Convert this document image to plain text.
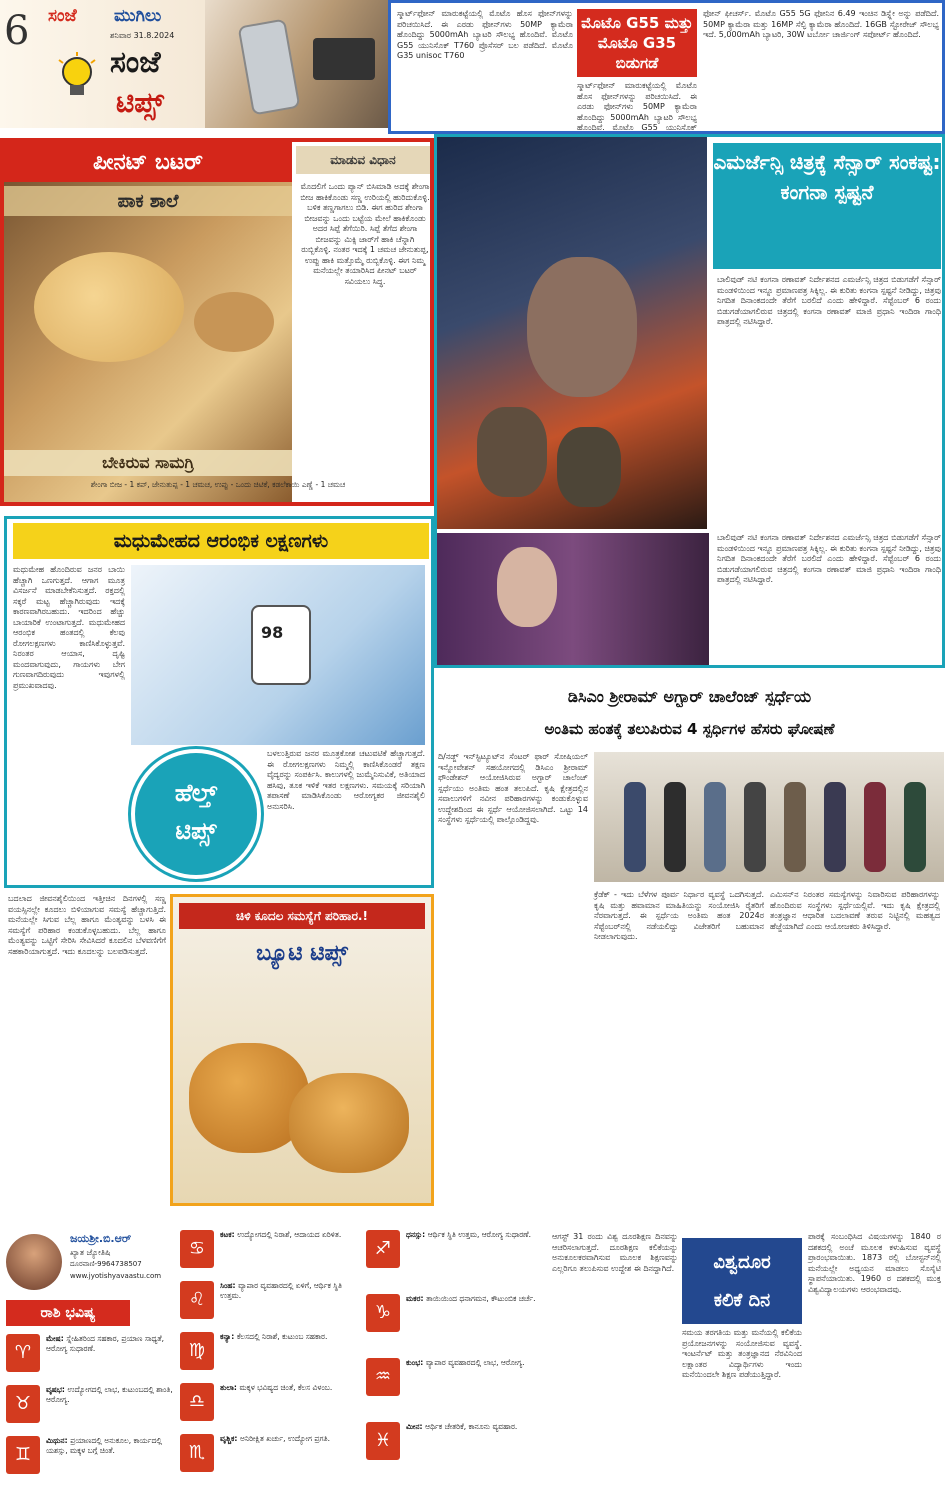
6 ಸಂಜೆ ಮುಗಿಲು
ಶನಿವಾರ 31.8.2024
ಸಂಜೆ
ಟಿಪ್ಸ್
ಸ್ಮಾರ್ಟ್‌ಫೋನ್ ಮಾರುಕಟ್ಟೆಯಲ್ಲಿ ಮೊಟೊ ಹೊಸ ಫೋನ್‌ಗಳನ್ನು ಪರಿಚಯಿಸಿದೆ. ಈ ಎರಡು ಫೋನ್‌ಗಳು 50MP ಕ್ಯಾಮೆರಾ ಹೊಂದಿದ್ದು 5000mAh ಬ್ಯಾಟರಿ ಸೌಲಭ್ಯ ಹೊಂದಿವೆ. ಮೊಟೊ G55 ಯುನಿಸೊಕ್ T760 ಪ್ರೊಸೆಸರ್ ಬಲ ಪಡೆದಿದೆ. ಮೊಟೊ G35 unisoc T760
ಮೊಟೊ G55 ಮತ್ತು ಮೊಟೊ G35 ಬಿಡುಗಡೆ
ಸ್ಮಾರ್ಟ್‌ಫೋನ್ ಮಾರುಕಟ್ಟೆಯಲ್ಲಿ ಮೊಟೊ ಹೊಸ ಫೋನ್‌ಗಳನ್ನು ಪರಿಚಯಿಸಿದೆ. ಈ ಎರಡು ಫೋನ್‌ಗಳು 50MP ಕ್ಯಾಮೆರಾ ಹೊಂದಿದ್ದು 5000mAh ಬ್ಯಾಟರಿ ಸೌಲಭ್ಯ ಹೊಂದಿವೆ. ಮೊಟೊ G55 ಯುನಿಸೊಕ್
ಫೋನ್ ಫೀಚರ್ಸ್. ಮೊಟೊ G55 5G ಫೋನಿನ 6.49 ಇಂಚಿನ ಡಿಸ್ಪ್ಲೇ ಅನ್ನು ಪಡೆದಿದೆ. 50MP ಕ್ಯಾಮೆರಾ ಮತ್ತು 16MP ಸೆಲ್ಫಿ ಕ್ಯಾಮೆರಾ ಹೊಂದಿದೆ. 16GB ಸ್ಟೋರೇಜ್ ಸೌಲಭ್ಯ ಇದೆ. 5,000mAh ಬ್ಯಾಟರಿ, 30W ಟರ್ಬೋ ಚಾರ್ಜಿಂಗ್ ಸಪೋರ್ಟ್ ಹೊಂದಿದೆ.
ಪೀನಟ್ ಬಟರ್
ಪಾಕ ಶಾಲೆ
ಬೇಕಿರುವ ಸಾಮಗ್ರಿ
ಮಾಡುವ ವಿಧಾನ
ಮೊದಲಿಗೆ ಒಂದು ಪ್ಯಾನ್ ಬಿಸಿಮಾಡಿ ಅದಕ್ಕೆ ಶೇಂಗಾ ಬೀಜ ಹಾಕಿಕೊಂಡು ಸಣ್ಣ ಉರಿಯಲ್ಲಿ ಹುರಿದುಕೊಳ್ಳಿ. ಬಳಿಕ ತಣ್ಣಗಾಗಲು ಬಿಡಿ. ಈಗ ಹುರಿದ ಶೇಂಗಾ ಬೀಜವನ್ನು ಒಂದು ಬಟ್ಟೆಯ ಮೇಲೆ ಹಾಕಿಕೊಂಡು ಅದರ ಸಿಪ್ಪೆ ತೆಗೆಯಿರಿ. ಸಿಪ್ಪೆ ತೆಗೆದ ಶೇಂಗಾ ಬೀಜವನ್ನು ಮಿಕ್ಸಿ ಜಾರ್‌ಗೆ ಹಾಕಿ ಚೆನ್ನಾಗಿ ರುಬ್ಬಿಕೊಳ್ಳಿ. ನಂತರ ಇದಕ್ಕೆ 1 ಚಮಚ ಜೇನುತುಪ್ಪ, ಉಪ್ಪು ಹಾಕಿ ಮತ್ತೊಮ್ಮೆ ರುಬ್ಬಿಕೊಳ್ಳಿ. ಈಗ ನಿಮ್ಮ ಮನೆಯಲ್ಲೇ ತಯಾರಿಸಿದ ಪೀನಟ್ ಬಟರ್ ಸವಿಯಲು ಸಿದ್ಧ.
ಶೇಂಗಾ ಬೀಜ - 1 ಕಪ್, ಜೇನುತುಪ್ಪ - 1 ಚಮಚ, ಉಪ್ಪು - ಒಂದು ಚಿಟಿಕೆ, ಕಡಲೆಕಾಯಿ ಎಣ್ಣೆ - 1 ಚಮಚ
ಎಮರ್ಜೆನ್ಸಿ ಚಿತ್ರಕ್ಕೆ ಸೆನ್ಸಾರ್ ಸಂಕಷ್ಟ: ಕಂಗನಾ ಸ್ಪಷ್ಟನೆ
ಬಾಲಿವುಡ್ ನಟಿ ಕಂಗನಾ ರಣಾವತ್ ನಿರ್ದೇಶನದ ಎಮರ್ಜೆನ್ಸಿ ಚಿತ್ರದ ಬಿಡುಗಡೆಗೆ ಸೆನ್ಸಾರ್ ಮಂಡಳಿಯಿಂದ ಇನ್ನೂ ಪ್ರಮಾಣಪತ್ರ ಸಿಕ್ಕಿಲ್ಲ. ಈ ಕುರಿತು ಕಂಗನಾ ಸ್ಪಷ್ಟನೆ ನೀಡಿದ್ದು, ಚಿತ್ರವು ನಿಗದಿತ ದಿನಾಂಕದಂದೇ ತೆರೆಗೆ ಬರಲಿದೆ ಎಂದು ಹೇಳಿದ್ದಾರೆ. ಸೆಪ್ಟೆಂಬರ್ 6 ರಂದು ಬಿಡುಗಡೆಯಾಗಲಿರುವ ಚಿತ್ರದಲ್ಲಿ ಕಂಗನಾ ರಣಾವತ್ ಮಾಜಿ ಪ್ರಧಾನಿ ಇಂದಿರಾ ಗಾಂಧಿ ಪಾತ್ರದಲ್ಲಿ ನಟಿಸಿದ್ದಾರೆ.
ಬಾಲಿವುಡ್ ನಟಿ ಕಂಗನಾ ರಣಾವತ್ ನಿರ್ದೇಶನದ ಎಮರ್ಜೆನ್ಸಿ ಚಿತ್ರದ ಬಿಡುಗಡೆಗೆ ಸೆನ್ಸಾರ್ ಮಂಡಳಿಯಿಂದ ಇನ್ನೂ ಪ್ರಮಾಣಪತ್ರ ಸಿಕ್ಕಿಲ್ಲ. ಈ ಕುರಿತು ಕಂಗನಾ ಸ್ಪಷ್ಟನೆ ನೀಡಿದ್ದು, ಚಿತ್ರವು ನಿಗದಿತ ದಿನಾಂಕದಂದೇ ತೆರೆಗೆ ಬರಲಿದೆ ಎಂದು ಹೇಳಿದ್ದಾರೆ. ಸೆಪ್ಟೆಂಬರ್ 6 ರಂದು ಬಿಡುಗಡೆಯಾಗಲಿರುವ ಚಿತ್ರದಲ್ಲಿ ಕಂಗನಾ ರಣಾವತ್ ಮಾಜಿ ಪ್ರಧಾನಿ ಇಂದಿರಾ ಗಾಂಧಿ ಪಾತ್ರದಲ್ಲಿ ನಟಿಸಿದ್ದಾರೆ.
ಮಧುಮೇಹದ ಆರಂಭಿಕ ಲಕ್ಷಣಗಳು
ಮಧುಮೇಹ ಹೊಂದಿರುವ ಜನರ ಬಾಯಿ ಹೆಚ್ಚಾಗಿ ಒಣಗುತ್ತದೆ. ಆಗಾಗ ಮೂತ್ರ ವಿಸರ್ಜನೆ ಮಾಡಬೇಕೆನಿಸುತ್ತದೆ. ರಕ್ತದಲ್ಲಿ ಸಕ್ಕರೆ ಮಟ್ಟ ಹೆಚ್ಚಾಗಿರುವುದು ಇದಕ್ಕೆ ಕಾರಣವಾಗಿರಬಹುದು. ಇದರಿಂದ ಹೆಚ್ಚು ಬಾಯಾರಿಕೆ ಉಂಟಾಗುತ್ತದೆ. ಮಧುಮೇಹದ ಆರಂಭಿಕ ಹಂತದಲ್ಲಿ ಕೆಲವು ರೋಗಲಕ್ಷಣಗಳು ಕಾಣಿಸಿಕೊಳ್ಳುತ್ತವೆ. ನಿರಂತರ ಆಯಾಸ, ದೃಷ್ಟಿ ಮಂದವಾಗುವುದು, ಗಾಯಗಳು ಬೇಗ ಗುಣವಾಗದಿರುವುದು ಇವುಗಳಲ್ಲಿ ಪ್ರಮುಖವಾದವು.
98
ಹೆಲ್ತ್
ಟಿಪ್ಸ್
ಬಳಲುತ್ತಿರುವ ಜನರ ಮೂತ್ರಕೋಶ ಚಟುವಟಿಕೆ ಹೆಚ್ಚಾಗುತ್ತದೆ. ಈ ರೋಗಲಕ್ಷಣಗಳು ನಿಮ್ಮಲ್ಲಿ ಕಾಣಿಸಿಕೊಂಡರೆ ತಕ್ಷಣ ವೈದ್ಯರನ್ನು ಸಂಪರ್ಕಿಸಿ. ಕಾಲುಗಳಲ್ಲಿ ಜುಮ್ಮೆನಿಸುವಿಕೆ, ಅತಿಯಾದ ಹಸಿವು, ತೂಕ ಇಳಿಕೆ ಇತರ ಲಕ್ಷಣಗಳು. ಸಮಯಕ್ಕೆ ಸರಿಯಾಗಿ ತಪಾಸಣೆ ಮಾಡಿಸಿಕೊಂಡು ಆರೋಗ್ಯಕರ ಜೀವನಶೈಲಿ ಅನುಸರಿಸಿ.
ಡಿಸಿಎಂ ಶ್ರೀರಾಮ್ ಅಗ್ಟಾರ್ ಚಾಲೆಂಜ್ ಸ್ಪರ್ಧೆಯ
ಅಂತಿಮ ಹಂತಕ್ಕೆ ತಲುಪಿರುವ 4 ಸ್ಪರ್ಧಿಗಳ ಹೆಸರು ಘೋಷಣೆ
ದಿ/ನಡ್ಜ್ ಇನ್‌ಸ್ಟಿಟ್ಯೂಟ್‌ನ ಸೆಂಟರ್ ಫಾರ್ ಸೋಷಿಯಲ್ ಇನ್ನೋವೇಶನ್ ಸಹಯೋಗದಲ್ಲಿ ಡಿಸಿಎಂ ಶ್ರೀರಾಮ್ ಫೌಂಡೇಶನ್ ಆಯೋಜಿಸಿರುವ ಅಗ್ಟಾರ್ ಚಾಲೆಂಜ್ ಸ್ಪರ್ಧೆಯು ಅಂತಿಮ ಹಂತ ತಲುಪಿದೆ. ಕೃಷಿ ಕ್ಷೇತ್ರದಲ್ಲಿನ ಸವಾಲುಗಳಿಗೆ ನವೀನ ಪರಿಹಾರಗಳನ್ನು ಕಂಡುಕೊಳ್ಳುವ ಉದ್ದೇಶದಿಂದ ಈ ಸ್ಪರ್ಧೆ ಆಯೋಜಿಸಲಾಗಿದೆ. ಒಟ್ಟು 14 ಸಂಸ್ಥೆಗಳು ಸ್ಪರ್ಧೆಯಲ್ಲಿ ಪಾಲ್ಗೊಂಡಿದ್ದವು.
ಕ್ರೆಡೆಕ್ - ಇದು ಬೆಳೆಗಳ ಪೂರ್ವ ನಿರ್ಧಾರ ವ್ಯವಸ್ಥೆ ಒದಗಿಸುತ್ತದೆ. ಕೃಷಿ ಮತ್ತು ಹವಾಮಾನ ಮಾಹಿತಿಯನ್ನು ಸಂಯೋಜಿಸಿ ರೈತರಿಗೆ ನೆರವಾಗುತ್ತದೆ. ಈ ಸ್ಪರ್ಧೆಯ ಅಂತಿಮ ಹಂತ 2024ರ ಸೆಪ್ಟೆಂಬರ್‌ನಲ್ಲಿ ನಡೆಯಲಿದ್ದು ವಿಜೇತರಿಗೆ ಬಹುಮಾನ ನೀಡಲಾಗುವುದು.
ಎಮಿಸನ್‌ನ ನಿರಂತರ ಸಮಸ್ಯೆಗಳನ್ನು ನಿವಾರಿಸುವ ಪರಿಹಾರಗಳನ್ನು ಹೊಂದಿರುವ ಸಂಸ್ಥೆಗಳು ಸ್ಪರ್ಧೆಯಲ್ಲಿವೆ. ಇದು ಕೃಷಿ ಕ್ಷೇತ್ರದಲ್ಲಿ ತಂತ್ರಜ್ಞಾನ ಆಧಾರಿತ ಬದಲಾವಣೆ ತರುವ ನಿಟ್ಟಿನಲ್ಲಿ ಮಹತ್ವದ ಹೆಜ್ಜೆಯಾಗಿದೆ ಎಂದು ಆಯೋಜಕರು ತಿಳಿಸಿದ್ದಾರೆ.
ಬದಲಾದ ಜೀವನಶೈಲಿಯಿಂದ ಇತ್ತೀಚಿನ ದಿನಗಳಲ್ಲಿ ಸಣ್ಣ ವಯಸ್ಸಿನಲ್ಲೇ ಕೂದಲು ಬಿಳಿಯಾಗುವ ಸಮಸ್ಯೆ ಹೆಚ್ಚಾಗುತ್ತಿದೆ. ಮನೆಯಲ್ಲೇ ಸಿಗುವ ಬೆಲ್ಲ ಹಾಗೂ ಮೆಂತ್ಯವನ್ನು ಬಳಸಿ ಈ ಸಮಸ್ಯೆಗೆ ಪರಿಹಾರ ಕಂಡುಕೊಳ್ಳಬಹುದು. ಬೆಲ್ಲ ಹಾಗೂ ಮೆಂತ್ಯವನ್ನು ಒಟ್ಟಿಗೆ ಸೇರಿಸಿ ಸೇವಿಸಿದರೆ ಕೂದಲಿನ ಬೆಳವಣಿಗೆಗೆ ಸಹಕಾರಿಯಾಗುತ್ತದೆ. ಇದು ಕೂದಲನ್ನು ಬಲಪಡಿಸುತ್ತದೆ.
ಚಿಳಿ ಕೂದಲ ಸಮಸ್ಯೆಗೆ ಪರಿಹಾರ.!
ಬ್ಯೂಟಿ ಟಿಪ್ಸ್
ಜಯಶ್ರೀ.ಬಿ.ಆರ್
ಖ್ಯಾತ ಜ್ಯೋತಿಷಿ
ದೂರವಾಣಿ-9964738507
www.jyotishyavaastu.com
ರಾಶಿ ಭವಿಷ್ಯ
♈
ಮೇಷ: ಸ್ನೇಹಿತರಿಂದ ಸಹಕಾರ, ಪ್ರಯಾಣ ಸಾಧ್ಯತೆ, ಆರೋಗ್ಯ ಸುಧಾರಣೆ.
♉
ವೃಷಭ: ಉದ್ಯೋಗದಲ್ಲಿ ಲಾಭ, ಕುಟುಂಬದಲ್ಲಿ ಶಾಂತಿ, ಆರೋಗ್ಯ.
♊
ಮಿಥುನ: ಪ್ರಯಾಣದಲ್ಲಿ ಅನುಕೂಲ, ಕಾರ್ಯದಲ್ಲಿ ಯಶಸ್ಸು, ಮಕ್ಕಳ ಬಗ್ಗೆ ಚಿಂತೆ.
♋
ಕಟಕ: ಉದ್ಯೋಗದಲ್ಲಿ ನಿರಾಶೆ, ಆದಾಯದ ಏರಿಳಿತ.
♌
ಸಿಂಹ: ವ್ಯಾಪಾರ ವ್ಯವಹಾರದಲ್ಲಿ ಏಳಿಗೆ, ಆರ್ಥಿಕ ಸ್ಥಿತಿ ಉತ್ತಮ.
♍
ಕನ್ಯಾ: ಕೆಲಸದಲ್ಲಿ ನಿರಾಶೆ, ಕುಟುಂಬ ಸಹಕಾರ.
♎
ತುಲಾ: ಮಕ್ಕಳ ಭವಿಷ್ಯದ ಚಿಂತೆ, ಕೆಲಸ ವಿಳಂಬ.
♏
ವೃಶ್ಚಿಕ: ಅನಿರೀಕ್ಷಿತ ಖರ್ಚು, ಉದ್ಯೋಗ ಪ್ರಗತಿ.
♐
ಧನಸ್ಸು: ಆರ್ಥಿಕ ಸ್ಥಿತಿ ಉತ್ತಮ, ಆರೋಗ್ಯ ಸುಧಾರಣೆ.
♑
ಮಕರ: ತಾಯಿಯಿಂದ ಧನಾಗಮನ, ಕೌಟುಂಬಿಕ ಚರ್ಚೆ.
♒
ಕುಂಭ: ವ್ಯಾಪಾರ ವ್ಯವಹಾರದಲ್ಲಿ ಲಾಭ, ಆರೋಗ್ಯ.
♓
ಮೀನ: ಆರ್ಥಿಕ ಚೇತರಿಕೆ, ಕಾನೂನು ವ್ಯವಹಾರ.
ಆಗಸ್ಟ್ 31 ರಂದು ವಿಶ್ವ ದೂರಶಿಕ್ಷಣ ದಿನವನ್ನು ಆಚರಿಸಲಾಗುತ್ತದೆ. ದೂರಶಿಕ್ಷಣ ಕಲಿಕೆಯನ್ನು ಅನುಕೂಲಕರವಾಗಿಸುವ ಮೂಲಕ ಶಿಕ್ಷಣವನ್ನು ಎಲ್ಲರಿಗೂ ತಲುಪಿಸುವ ಉದ್ದೇಶ ಈ ದಿನದ್ದಾಗಿದೆ.	ವಿಶ್ವದೂರ
ಕಲಿಕೆ ದಿನ
ಸಮಯ ತರಗತಿಯ ಮತ್ತು ಮನೆಯಲ್ಲಿ ಕಲಿಕೆಯ ಪ್ರಯೋಜನಗಳನ್ನು ಸಂಯೋಜಿಸುವ ವ್ಯವಸ್ಥೆ. ಇಂಟರ್ನೆಟ್ ಮತ್ತು ತಂತ್ರಜ್ಞಾನದ ನೆರವಿನಿಂದ ಲಕ್ಷಾಂತರ ವಿದ್ಯಾರ್ಥಿಗಳು ಇಂದು ಮನೆಯಿಂದಲೇ ಶಿಕ್ಷಣ ಪಡೆಯುತ್ತಿದ್ದಾರೆ.
ಪಾಠಕ್ಕೆ ಸಂಬಂಧಿಸಿದ ವಿಷಯಗಳನ್ನು 1840 ರ ದಶಕದಲ್ಲಿ ಅಂಚೆ ಮೂಲಕ ಕಳುಹಿಸುವ ವ್ಯವಸ್ಥೆ ಪ್ರಾರಂಭವಾಯಿತು. 1873 ರಲ್ಲಿ ಬೋಸ್ಟನ್‌ನಲ್ಲಿ ಮನೆಯಲ್ಲೇ ಅಧ್ಯಯನ ಮಾಡಲು ಸೊಸೈಟಿ ಸ್ಥಾಪನೆಯಾಯಿತು. 1960 ರ ದಶಕದಲ್ಲಿ ಮುಕ್ತ ವಿಶ್ವವಿದ್ಯಾಲಯಗಳು ಆರಂಭವಾದವು.
